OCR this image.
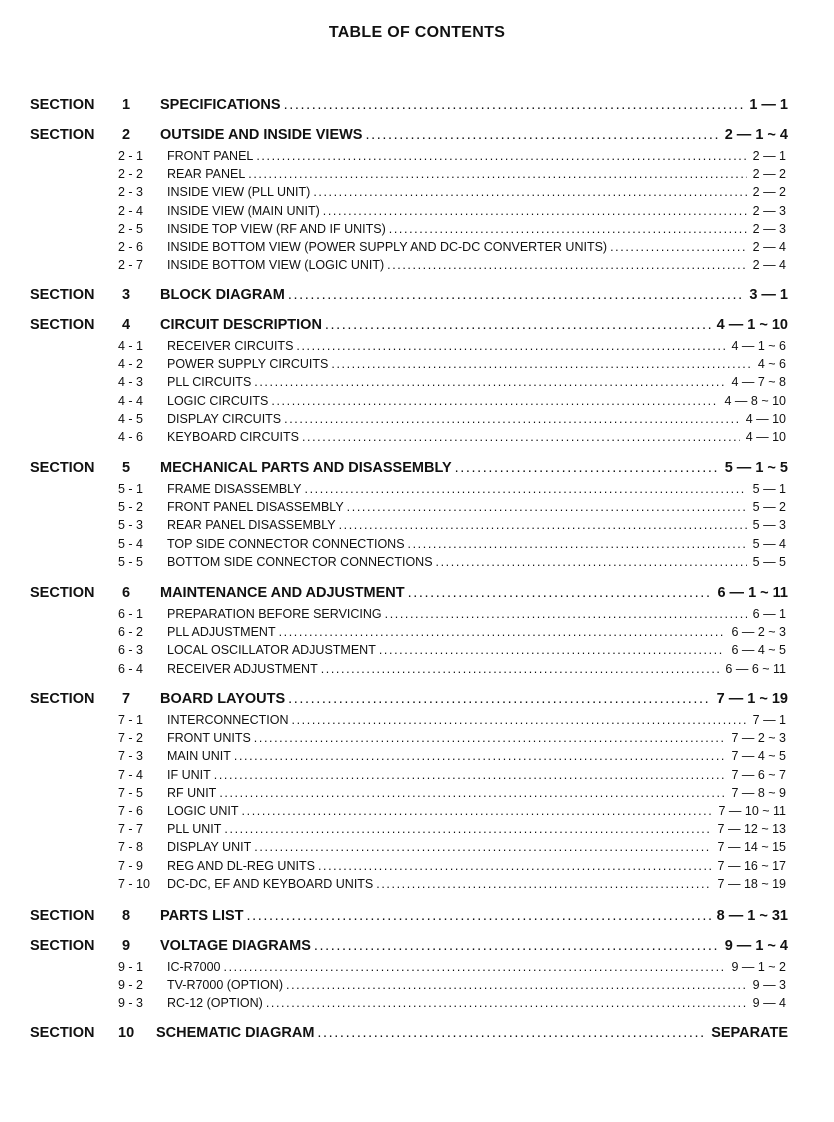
TABLE OF CONTENTS
SECTION 1 SPECIFICATIONS .....	1 — 1
SECTION 2 OUTSIDE AND INSIDE VIEWS .....	2 — 1 ~ 4
2 - 1 FRONT PANEL .....	2 — 1
2 - 2 REAR PANEL .....	2 — 2
2 - 3 INSIDE VIEW (PLL UNIT) .....	2 — 2
2 - 4 INSIDE VIEW (MAIN UNIT) .....	2 — 3
2 - 5 INSIDE TOP VIEW (RF AND IF UNITS) .....	2 — 3
2 - 6 INSIDE BOTTOM VIEW (POWER SUPPLY AND DC-DC CONVERTER UNITS) .....	2 — 4
2 - 7 INSIDE BOTTOM VIEW (LOGIC UNIT) .....	2 — 4
SECTION 3 BLOCK DIAGRAM .....	3 — 1
SECTION 4 CIRCUIT DESCRIPTION .....	4 — 1 ~ 10
4 - 1 RECEIVER CIRCUITS .....	4 — 1 ~ 6
4 - 2 POWER SUPPLY CIRCUITS .....	4 ~ 6
4 - 3 PLL CIRCUITS .....	4 — 7 ~ 8
4 - 4 LOGIC CIRCUITS .....	4 — 8 ~ 10
4 - 5 DISPLAY CIRCUITS .....	4 — 10
4 - 6 KEYBOARD CIRCUITS .....	4 — 10
SECTION 5 MECHANICAL PARTS AND DISASSEMBLY .....	5 — 1 ~ 5
5 - 1 FRAME DISASSEMBLY .....	5 — 1
5 - 2 FRONT PANEL DISASSEMBLY .....	5 — 2
5 - 3 REAR PANEL DISASSEMBLY .....	5 — 3
5 - 4 TOP SIDE CONNECTOR CONNECTIONS .....	5 — 4
5 - 5 BOTTOM SIDE CONNECTOR CONNECTIONS .....	5 — 5
SECTION 6 MAINTENANCE AND ADJUSTMENT .....	6 — 1 ~ 11
6 - 1 PREPARATION BEFORE SERVICING .....	6 — 1
6 - 2 PLL ADJUSTMENT .....	6 — 2 ~ 3
6 - 3 LOCAL OSCILLATOR ADJUSTMENT .....	6 — 4 ~ 5
6 - 4 RECEIVER ADJUSTMENT .....	6 — 6 ~ 11
SECTION 7 BOARD LAYOUTS .....	7 — 1 ~ 19
7 - 1 INTERCONNECTION .....	7 — 1
7 - 2 FRONT UNITS .....	7 — 2 ~ 3
7 - 3 MAIN UNIT .....	7 — 4 ~ 5
7 - 4 IF UNIT .....	7 — 6 ~ 7
7 - 5 RF UNIT .....	7 — 8 ~ 9
7 - 6 LOGIC UNIT .....	7 — 10 ~ 11
7 - 7 PLL UNIT .....	7 — 12 ~ 13
7 - 8 DISPLAY UNIT .....	7 — 14 ~ 15
7 - 9 REG AND DL-REG UNITS .....	7 — 16 ~ 17
7 - 10 DC-DC, EF AND KEYBOARD UNITS .....	7 — 18 ~ 19
SECTION 8 PARTS LIST .....	8 — 1 ~ 31
SECTION 9 VOLTAGE DIAGRAMS .....	9 — 1 ~ 4
9 - 1 IC-R7000 .....	9 — 1 ~ 2
9 - 2 TV-R7000 (OPTION) .....	9 — 3
9 - 3 RC-12 (OPTION) .....	9 — 4
SECTION 10 SCHEMATIC DIAGRAM .....	SEPARATE
